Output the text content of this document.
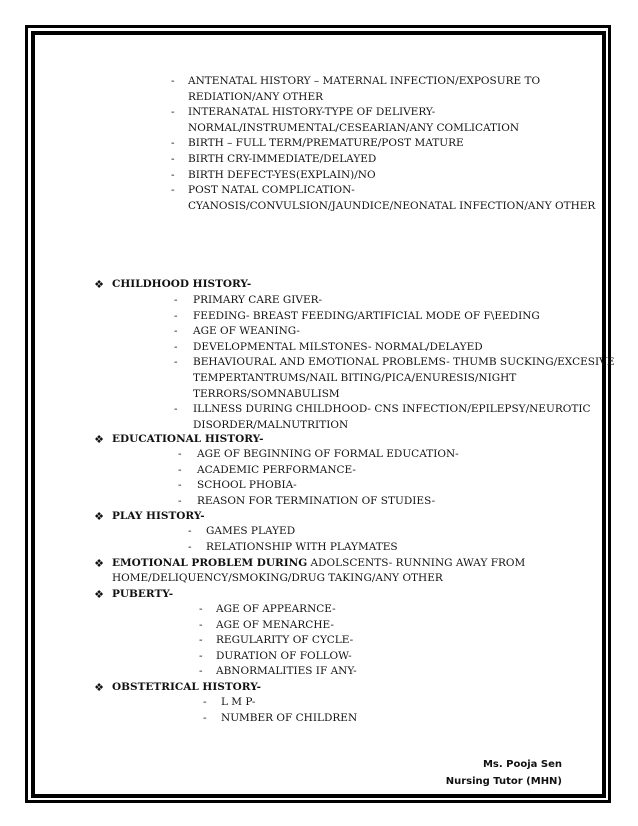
- ANTENATAL HISTORY – MATERNAL INFECTION/EXPOSURE TO
REDIATION/ANY OTHER
- INTERANATAL HISTORY-TYPE OF DELIVERY-
NORMAL/INSTRUMENTAL/CESEARIAN/ANY COMLICATION
- BIRTH – FULL TERM/PREMATURE/POST MATURE
- BIRTH CRY-IMMEDIATE/DELAYED
- BIRTH DEFECT-YES(EXPLAIN)/NO
- POST NATAL COMPLICATION-
CYANOSIS/CONVULSION/JAUNDICE/NEONATAL INFECTION/ANY OTHER
❖ CHILDHOOD HISTORY-
- PRIMARY CARE GIVER-
- FEEDING- BREAST FEEDING/ARTIFICIAL MODE OF F\EEDING
- AGE OF WEANING-
- DEVELOPMENTAL MILSTONES- NORMAL/DELAYED
- BEHAVIOURAL AND EMOTIONAL PROBLEMS- THUMB SUCKING/EXCESIVE
TEMPERTANTRUMS/NAIL BITING/PICA/ENURESIS/NIGHT
TERRORS/SOMNABULISM
- ILLNESS DURING CHILDHOOD- CNS INFECTION/EPILEPSY/NEUROTIC
DISORDER/MALNUTRITION
❖ EDUCATIONAL HISTORY-
- AGE OF BEGINNING OF FORMAL EDUCATION-
- ACADEMIC PERFORMANCE-
- SCHOOL PHOBIA-
- REASON FOR TERMINATION OF STUDIES-
❖ PLAY HISTORY-
- GAMES PLAYED
- RELATIONSHIP WITH PLAYMATES
❖ EMOTIONAL PROBLEM DURING ADOLSCENTS- RUNNING AWAY FROM
HOME/DELIQUENCY/SMOKING/DRUG TAKING/ANY OTHER
❖ PUBERTY-
- AGE OF APPEARNCE-
- AGE OF MENARCHE-
- REGULARITY OF CYCLE-
- DURATION OF FOLLOW-
- ABNORMALITIES IF ANY-
❖ OBSTETRICAL HISTORY-
- L M P-
- NUMBER OF CHILDREN
Ms. Pooja Sen
Nursing Tutor (MHN)
